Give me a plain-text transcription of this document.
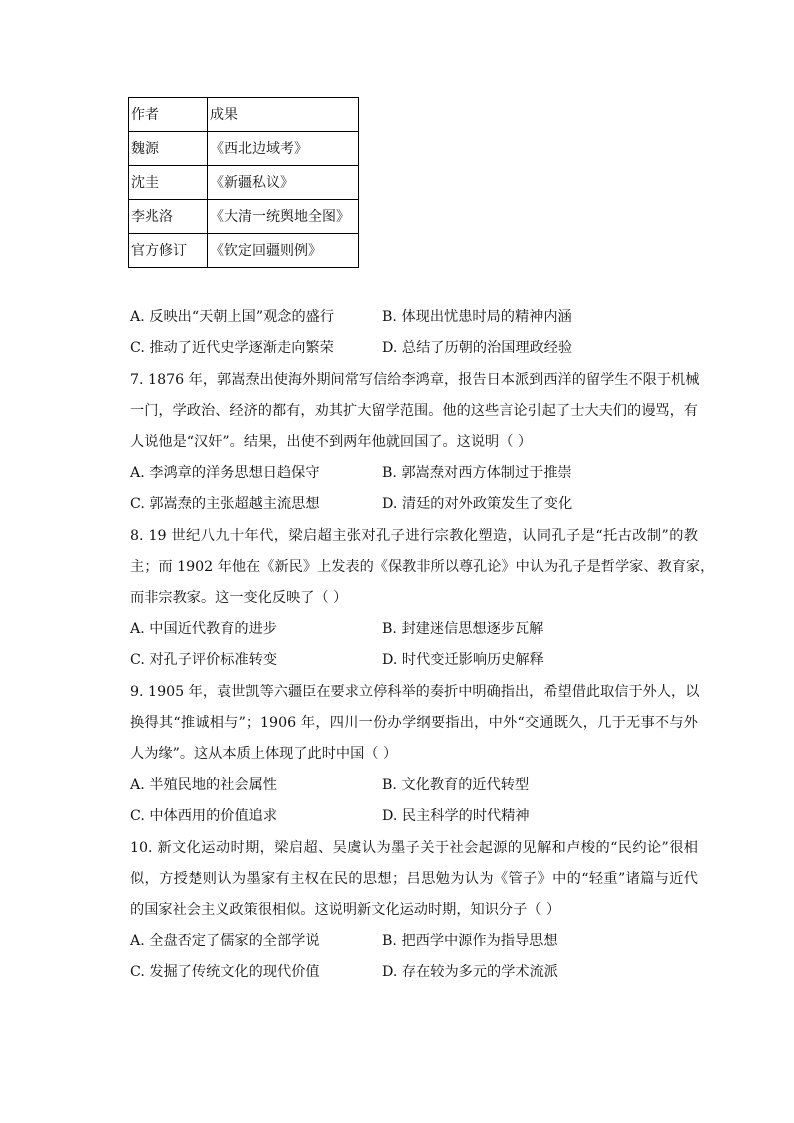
作者	成果
魏源	《西北边域考》
沈圭	《新疆私议》
李兆洛	《大清一统舆地全图》
官方修订	《钦定回疆则例》
A. 反映出“天朝上国”观念的盛行	B. 体现出忧患时局的精神内涵
C. 推动了近代史学逐渐走向繁荣	D. 总结了历朝的治国理政经验
7. 1876 年，郭嵩焘出使海外期间常写信给李鸿章，报告日本派到西洋的留学生不限于机械
一门，学政治、经济的都有，劝其扩大留学范围。他的这些言论引起了士大夫们的谩骂，有
人说他是“汉奸”。结果，出使不到两年他就回国了。这说明（ ）
A. 李鸿章的洋务思想日趋保守	B. 郭嵩焘对西方体制过于推崇
C. 郭嵩焘的主张超越主流思想	D. 清廷的对外政策发生了变化
8. 19 世纪八九十年代，梁启超主张对孔子进行宗教化塑造，认同孔子是“托古改制”的教
主；而 1902 年他在《新民》上发表的《保教非所以尊孔论》中认为孔子是哲学家、教育家，
而非宗教家。这一变化反映了（ ）
A. 中国近代教育的进步	B. 封建迷信思想逐步瓦解
C. 对孔子评价标准转变	D. 时代变迁影响历史解释
9. 1905 年，袁世凯等六疆臣在要求立停科举的奏折中明确指出，希望借此取信于外人，以
换得其“推诚相与”；1906 年，四川一份办学纲要指出，中外“交通既久，几于无事不与外
人为缘”。这从本质上体现了此时中国（ ）
A. 半殖民地的社会属性	B. 文化教育的近代转型
C. 中体西用的价值追求	D. 民主科学的时代精神
10. 新文化运动时期，梁启超、吴虞认为墨子关于社会起源的见解和卢梭的“民约论”很相
似，方授楚则认为墨家有主权在民的思想；吕思勉为认为《管子》中的“轻重”诸篇与近代
的国家社会主义政策很相似。这说明新文化运动时期，知识分子（ ）
A. 全盘否定了儒家的全部学说	B. 把西学中源作为指导思想
C. 发掘了传统文化的现代价值	D. 存在较为多元的学术流派
